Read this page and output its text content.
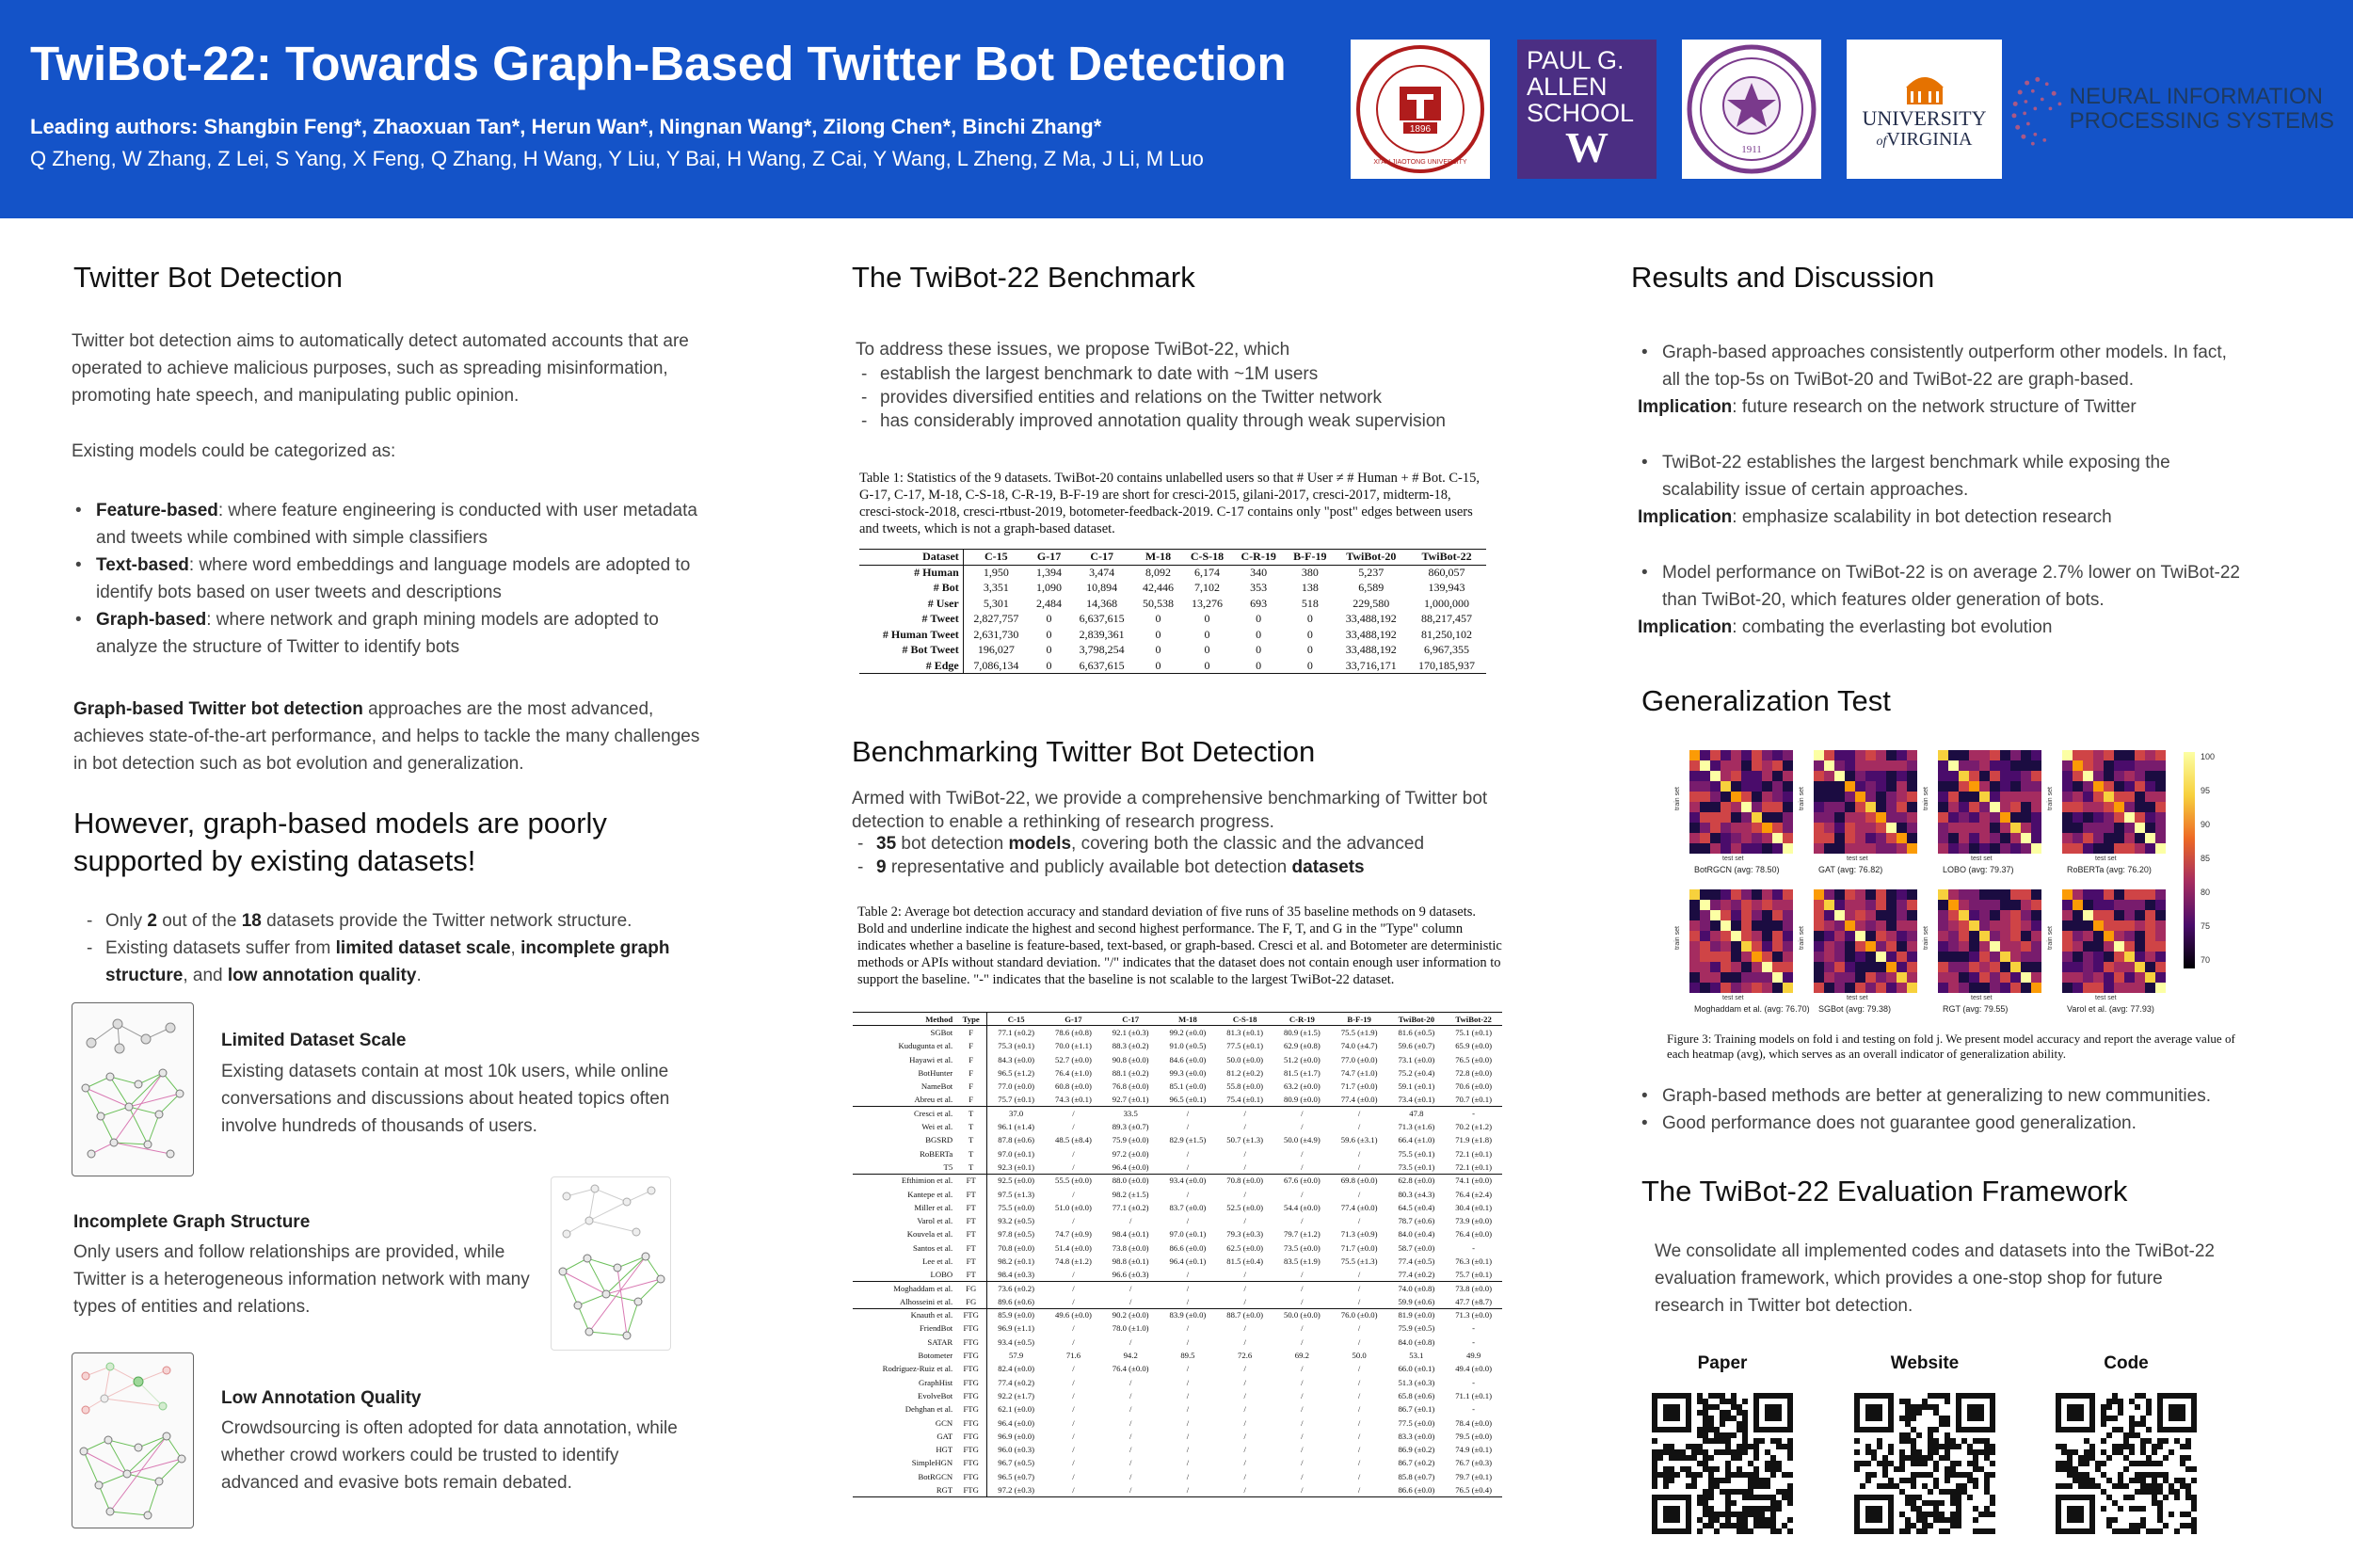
TwiBot-22: Towards Graph-Based Twitter Bot Detection
Leading authors: Shangbin Feng*, Zhaoxuan Tan*, Herun Wan*, Ningnan Wang*, Zilong Chen*, Binchi Zhang*
Q Zheng, W Zhang, Z Lei, S Yang, X Feng, Q Zhang, H Wang, Y Liu, Y Bai, H Wang, Z Cai, Y Wang, L Zheng, Z Ma, J Li, M Luo
1896
XI'AN JIAOTONG UNIVERSITY
PAUL G.
ALLEN
SCHOOL
W	1911
UNIVERSITY
ofVIRGINIA
NEURAL INFORMATION
PROCESSING SYSTEMS
Twitter Bot Detection

Twitter bot detection aims to automatically detect automated accounts that are operated to achieve malicious purposes, such as spreading misinformation, promoting hate speech, and manipulating public opinion.

Existing models could be categorized as:

• Feature-based: where feature engineering is conducted with user metadata and tweets while combined with simple classifiers
• Text-based: where word embeddings and language models are adopted to identify bots based on user tweets and descriptions
• Graph-based: where network and graph mining models are adopted to analyze the structure of Twitter to identify bots

Graph-based Twitter bot detection approaches are the most advanced, achieves state-of-the-art performance, and helps to tackle the many challenges in bot detection such as bot evolution and generalization.

However, graph-based models are poorly
supported by existing datasets!
- Only 2 out of the 18 datasets provide the Twitter network structure.
- Existing datasets suffer from limited dataset scale, incomplete graph structure, and low annotation quality.
Limited Dataset Scale

Existing datasets contain at most 10k users, while online conversations and discussions about heated topics often involve hundreds of thousands of users.

Incomplete Graph Structure

Only users and follow relationships are provided, while Twitter is a heterogeneous information network with many types of entities and relations.

Low Annotation Quality

Crowdsourcing is often adopted for data annotation, while whether crowd workers could be trusted to identify advanced and evasive bots remain debated.

The TwiBot-22 Benchmark

To address these issues, we propose TwiBot-22, which

- establish the largest benchmark to date with ~1M users
- provides diversified entities and relations on the Twitter network
- has considerably improved annotation quality through weak supervision

Table 1: Statistics of the 9 datasets. TwiBot-20 contains unlabelled users so that # User ≠ # Human + # Bot. C-15, G-17, C-17, M-18, C-S-18, C-R-19, B-F-19 are short for cresci-2015, gilani-2017, cresci-2017, midterm-18, cresci-stock-2018, cresci-rtbust-2019, botometer-feedback-2019. C-17 contains only "post" edges between users and tweets, which is not a graph-based dataset.

Dataset	C-15	G-17	C-17	M-18	C-S-18	C-R-19	B-F-19	TwiBot-20	TwiBot-22
# Human	1,950	1,394	3,474	8,092	6,174	340	380	5,237	860,057
# Bot	3,351	1,090	10,894	42,446	7,102	353	138	6,589	139,943
# User	5,301	2,484	14,368	50,538	13,276	693	518	229,580	1,000,000
# Tweet	2,827,757	0	6,637,615	0	0	0	0	33,488,192	88,217,457
# Human Tweet	2,631,730	0	2,839,361	0	0	0	0	33,488,192	81,250,102
# Bot Tweet	196,027	0	3,798,254	0	0	0	0	33,488,192	6,967,355
# Edge	7,086,134	0	6,637,615	0	0	0	0	33,716,171	170,185,937
Benchmarking Twitter Bot Detection

Armed with TwiBot-22, we provide a comprehensive benchmarking of Twitter bot detection to enable a rethinking of research progress.

- 35 bot detection models, covering both the classic and the advanced
- 9 representative and publicly available bot detection datasets

Table 2: Average bot detection accuracy and standard deviation of five runs of 35 baseline methods on 9 datasets. Bold and underline indicate the highest and second highest performance. The F, T, and G in the "Type" column indicates whether a baseline is feature-based, text-based, or graph-based. Cresci et al. and Botometer are deterministic methods or APIs without standard deviation. "/" indicates that the dataset does not contain enough user information to support the baseline. "-" indicates that the baseline is not scalable to the largest TwiBot-22 dataset.

Method	Type	C-15	G-17	C-17	M-18	C-S-18	C-R-19	B-F-19	TwiBot-20	TwiBot-22
SGBot	F	77.1 (±0.2)	78.6 (±0.8)	92.1 (±0.3)	99.2 (±0.0)	81.3 (±0.1)	80.9 (±1.5)	75.5 (±1.9)	81.6 (±0.5)	75.1 (±0.1)
Kudugunta et al.	F	75.3 (±0.1)	70.0 (±1.1)	88.3 (±0.2)	91.0 (±0.5)	77.5 (±0.1)	62.9 (±0.8)	74.0 (±4.7)	59.6 (±0.7)	65.9 (±0.0)
Hayawi et al.	F	84.3 (±0.0)	52.7 (±0.0)	90.8 (±0.0)	84.6 (±0.0)	50.0 (±0.0)	51.2 (±0.0)	77.0 (±0.0)	73.1 (±0.0)	76.5 (±0.0)
BotHunter	F	96.5 (±1.2)	76.4 (±1.0)	88.1 (±0.2)	99.3 (±0.0)	81.2 (±0.2)	81.5 (±1.7)	74.7 (±1.0)	75.2 (±0.4)	72.8 (±0.0)
NameBot	F	77.0 (±0.0)	60.8 (±0.0)	76.8 (±0.0)	85.1 (±0.0)	55.8 (±0.0)	63.2 (±0.0)	71.7 (±0.0)	59.1 (±0.1)	70.6 (±0.0)
Abreu et al.	F	75.7 (±0.1)	74.3 (±0.1)	92.7 (±0.1)	96.5 (±0.1)	75.4 (±0.1)	80.9 (±0.0)	77.4 (±0.0)	73.4 (±0.1)	70.7 (±0.1)
Cresci et al.	T	37.0	/	33.5	/	/	/	/	47.8	-
Wei et al.	T	96.1 (±1.4)	/	89.3 (±0.7)	/	/	/	/	71.3 (±1.6)	70.2 (±1.2)
BGSRD	T	87.8 (±0.6)	48.5 (±8.4)	75.9 (±0.0)	82.9 (±1.5)	50.7 (±1.3)	50.0 (±4.9)	59.6 (±3.1)	66.4 (±1.0)	71.9 (±1.8)
RoBERTa	T	97.0 (±0.1)	/	97.2 (±0.0)	/	/	/	/	75.5 (±0.1)	72.1 (±0.1)
T5	T	92.3 (±0.1)	/	96.4 (±0.0)	/	/	/	/	73.5 (±0.1)	72.1 (±0.1)
Efthimion et al.	FT	92.5 (±0.0)	55.5 (±0.0)	88.0 (±0.0)	93.4 (±0.0)	70.8 (±0.0)	67.6 (±0.0)	69.8 (±0.0)	62.8 (±0.0)	74.1 (±0.0)
Kantepe et al.	FT	97.5 (±1.3)	/	98.2 (±1.5)	/	/	/	/	80.3 (±4.3)	76.4 (±2.4)
Miller et al.	FT	75.5 (±0.0)	51.0 (±0.0)	77.1 (±0.2)	83.7 (±0.0)	52.5 (±0.0)	54.4 (±0.0)	77.4 (±0.0)	64.5 (±0.4)	30.4 (±0.1)
Varol et al.	FT	93.2 (±0.5)	/	/	/	/	/	/	78.7 (±0.6)	73.9 (±0.0)
Kouvela et al.	FT	97.8 (±0.5)	74.7 (±0.9)	98.4 (±0.1)	97.0 (±0.1)	79.3 (±0.3)	79.7 (±1.2)	71.3 (±0.9)	84.0 (±0.4)	76.4 (±0.0)
Santos et al.	FT	70.8 (±0.0)	51.4 (±0.0)	73.8 (±0.0)	86.6 (±0.0)	62.5 (±0.0)	73.5 (±0.0)	71.7 (±0.0)	58.7 (±0.0)	-
Lee et al.	FT	98.2 (±0.1)	74.8 (±1.2)	98.8 (±0.1)	96.4 (±0.1)	81.5 (±0.4)	83.5 (±1.9)	75.5 (±1.3)	77.4 (±0.5)	76.3 (±0.1)
LOBO	FT	98.4 (±0.3)	/	96.6 (±0.3)	/	/	/	/	77.4 (±0.2)	75.7 (±0.1)
Moghaddam et al.	FG	73.6 (±0.2)	/	/	/	/	/	/	74.0 (±0.8)	73.8 (±0.0)
Alhosseini et al.	FG	89.6 (±0.6)	/	/	/	/	/	/	59.9 (±0.6)	47.7 (±8.7)
Knauth et al.	FTG	85.9 (±0.0)	49.6 (±0.0)	90.2 (±0.0)	83.9 (±0.0)	88.7 (±0.0)	50.0 (±0.0)	76.0 (±0.0)	81.9 (±0.0)	71.3 (±0.0)
FriendBot	FTG	96.9 (±1.1)	/	78.0 (±1.0)	/	/	/	/	75.9 (±0.5)	-
SATAR	FTG	93.4 (±0.5)	/	/	/	/	/	/	84.0 (±0.8)	-
Botometer	FTG	57.9	71.6	94.2	89.5	72.6	69.2	50.0	53.1	49.9
Rodríguez-Ruiz et al.	FTG	82.4 (±0.0)	/	76.4 (±0.0)	/	/	/	/	66.0 (±0.1)	49.4 (±0.0)
GraphHist	FTG	77.4 (±0.2)	/	/	/	/	/	/	51.3 (±0.3)	-
EvolveBot	FTG	92.2 (±1.7)	/	/	/	/	/	/	65.8 (±0.6)	71.1 (±0.1)
Dehghan et al.	FTG	62.1 (±0.0)	/	/	/	/	/	/	86.7 (±0.1)	-
GCN	FTG	96.4 (±0.0)	/	/	/	/	/	/	77.5 (±0.0)	78.4 (±0.0)
GAT	FTG	96.9 (±0.0)	/	/	/	/	/	/	83.3 (±0.0)	79.5 (±0.0)
HGT	FTG	96.0 (±0.3)	/	/	/	/	/	/	86.9 (±0.2)	74.9 (±0.1)
SimpleHGN	FTG	96.7 (±0.5)	/	/	/	/	/	/	86.7 (±0.2)	76.7 (±0.3)
BotRGCN	FTG	96.5 (±0.7)	/	/	/	/	/	/	85.8 (±0.7)	79.7 (±0.1)
RGT	FTG	97.2 (±0.3)	/	/	/	/	/	/	86.6 (±0.0)	76.5 (±0.4)
Results and Discussion
• Graph-based approaches consistently outperform other models. In fact, all the top-5s on TwiBot-20 and TwiBot-22 are graph-based.

Implication: future research on the network structure of Twitter

• TwiBot-22 establishes the largest benchmark while exposing the scalability issue of certain approaches.

Implication: emphasize scalability in bot detection research

• Model performance on TwiBot-22 is on average 2.7% lower on TwiBot-22 than TwiBot-20, which features older generation of bots.

Implication: combating the everlasting bot evolution

Generalization Test
test set
train set
BotRGCN (avg: 78.50)
test set
train set
GAT (avg: 76.82)
test set
train set
LOBO (avg: 79.37)
test set
train set
RoBERTa (avg: 76.20)
test set
train set
Moghaddam et al. (avg: 76.70)
test set
train set
SGBot (avg: 79.38)
test set
train set
RGT (avg: 79.55)
test set
train set
Varol et al. (avg: 77.93)
100
95
90
85
80
75
70

Figure 3: Training models on fold i and testing on fold j. We present model accuracy and report the average value of each heatmap (avg), which serves as an overall indicator of generalization ability.

• Graph-based methods are better at generalizing to new communities.
• Good performance does not guarantee good generalization.
The TwiBot-22 Evaluation Framework

We consolidate all implemented codes and datasets into the TwiBot-22 evaluation framework, which provides a one-stop shop for future research in Twitter bot detection.

Paper	Website	Code
